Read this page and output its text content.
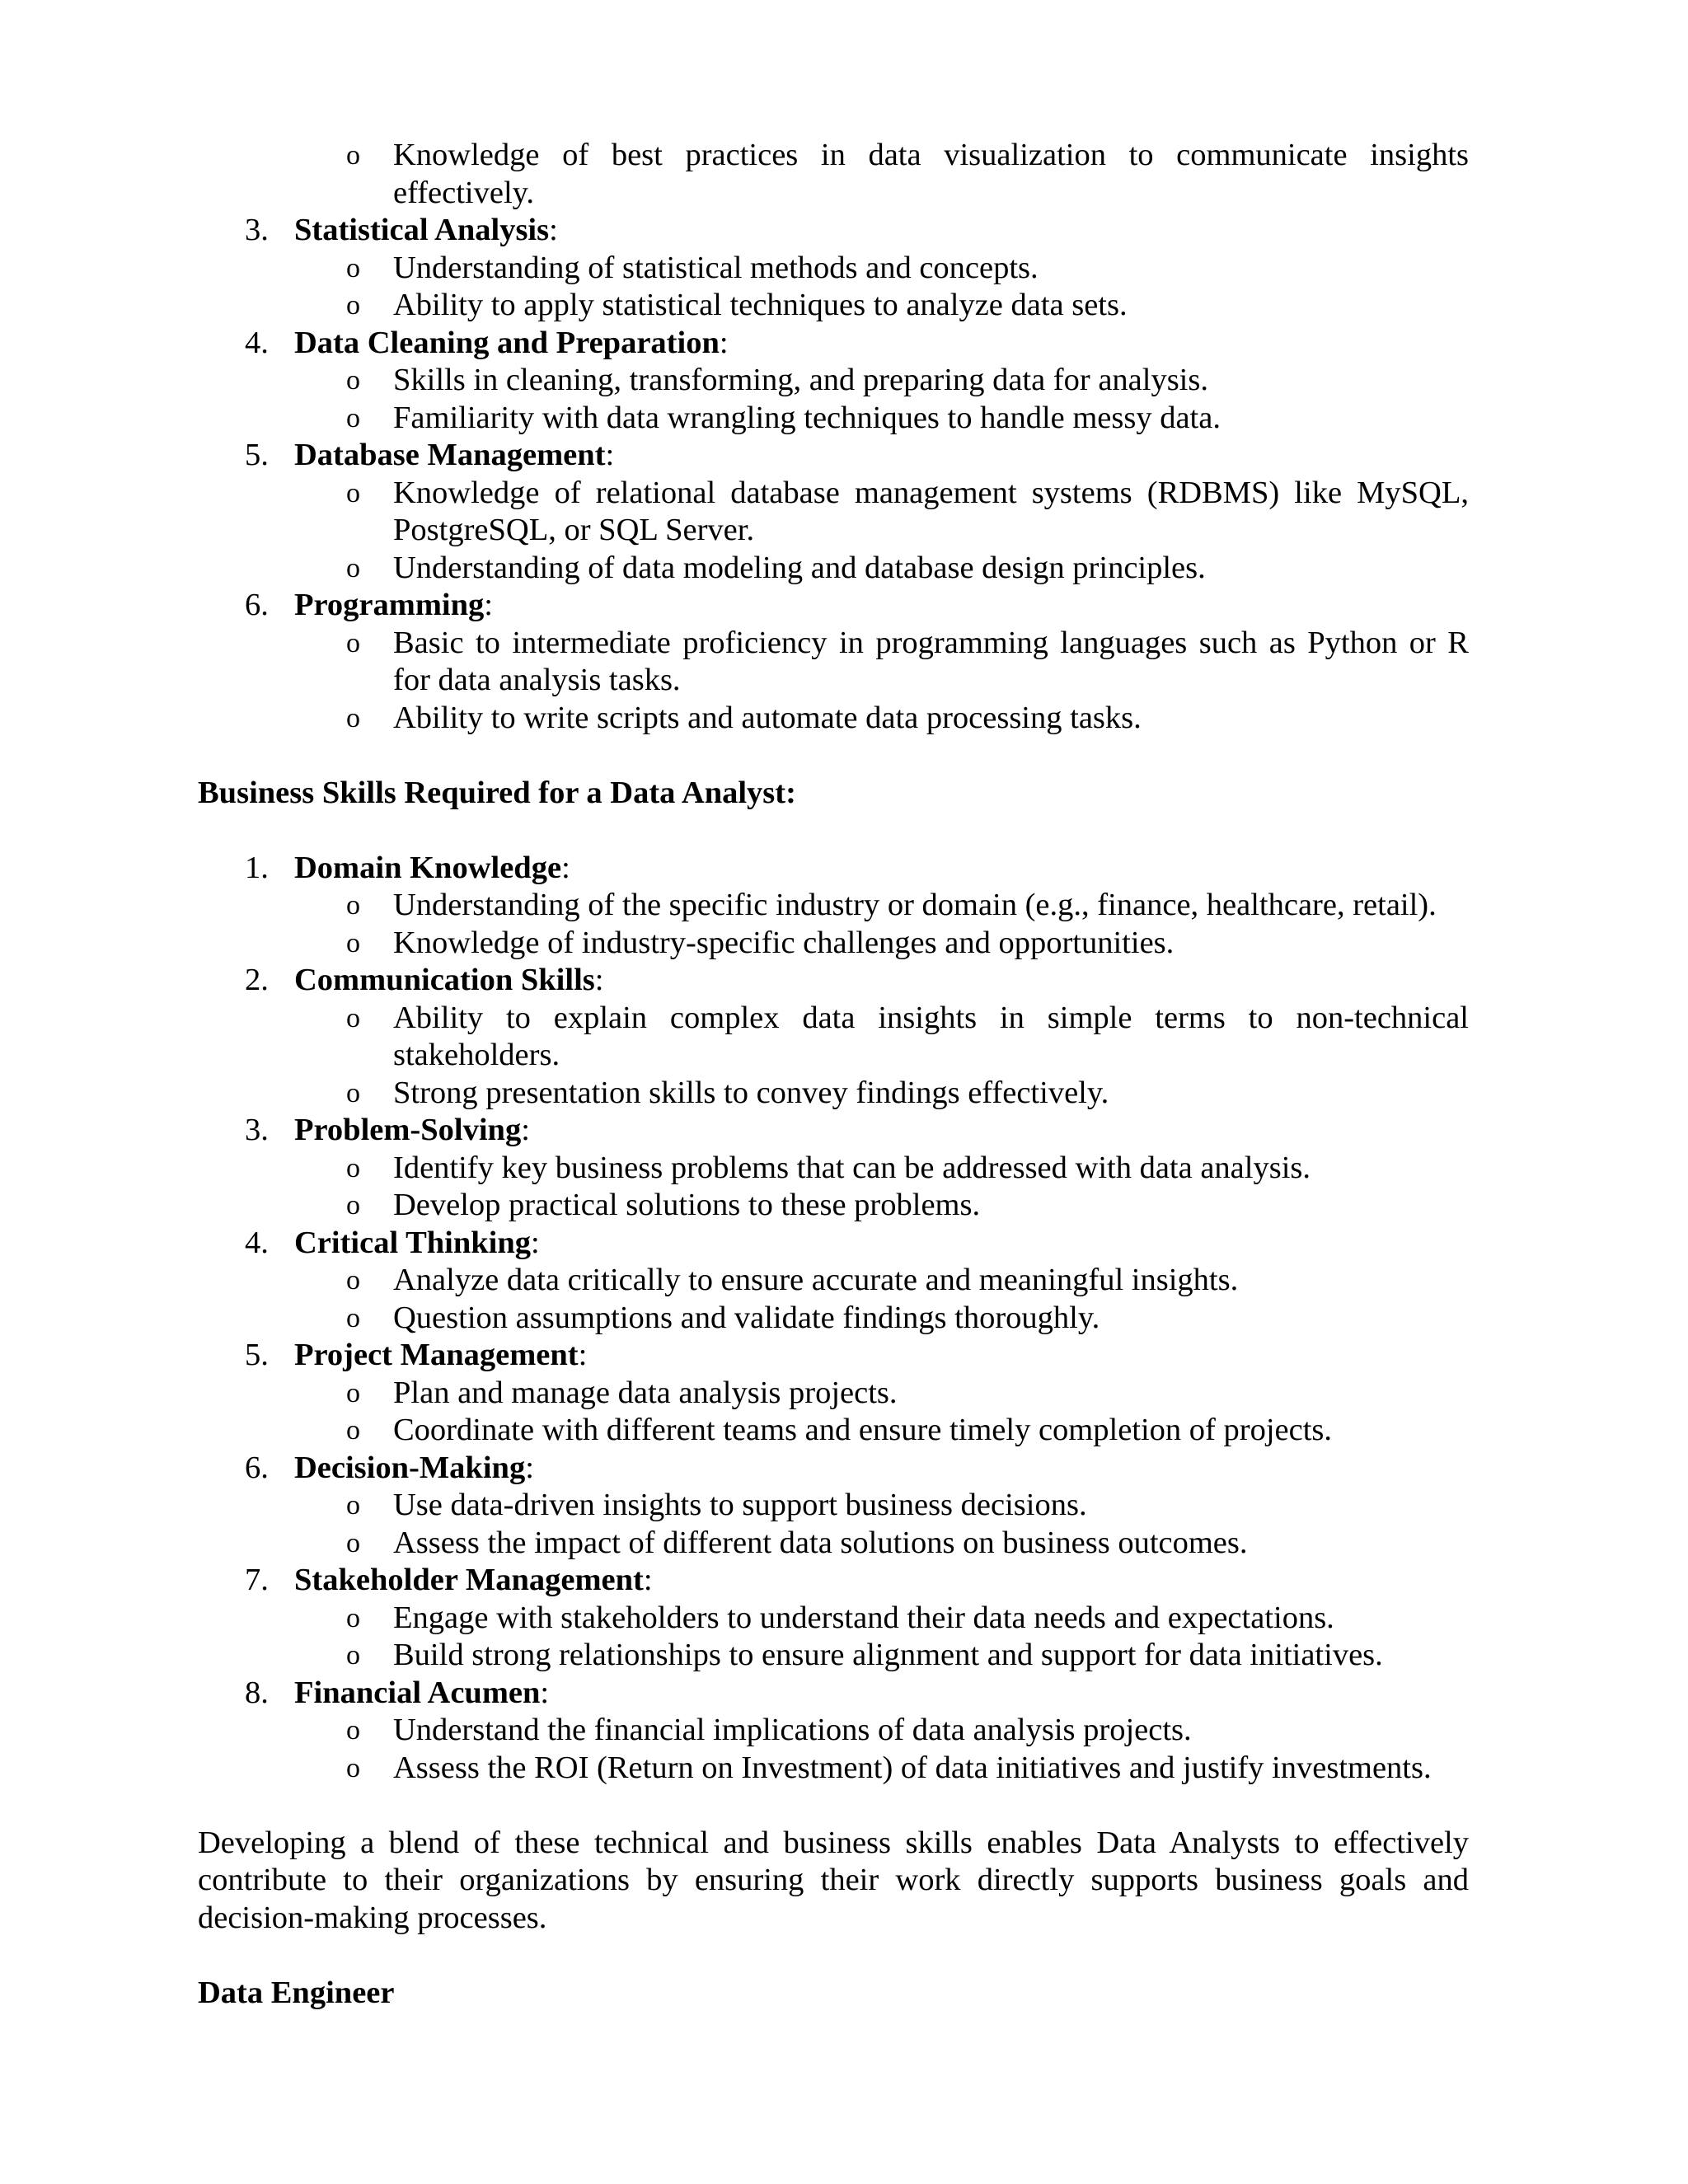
o Knowledge of best practices in data visualization to communicate insights effectively.
3. Statistical Analysis:
o Understanding of statistical methods and concepts.
o Ability to apply statistical techniques to analyze data sets.
4. Data Cleaning and Preparation:
o Skills in cleaning, transforming, and preparing data for analysis.
o Familiarity with data wrangling techniques to handle messy data.
5. Database Management:
o Knowledge of relational database management systems (RDBMS) like MySQL, PostgreSQL, or SQL Server.
o Understanding of data modeling and database design principles.
6. Programming:
o Basic to intermediate proficiency in programming languages such as Python or R for data analysis tasks.
o Ability to write scripts and automate data processing tasks.

Business Skills Required for a Data Analyst:

1. Domain Knowledge:
o Understanding of the specific industry or domain (e.g., finance, healthcare, retail).
o Knowledge of industry-specific challenges and opportunities.
2. Communication Skills:
o Ability to explain complex data insights in simple terms to non-technical stakeholders.
o Strong presentation skills to convey findings effectively.
3. Problem-Solving:
o Identify key business problems that can be addressed with data analysis.
o Develop practical solutions to these problems.
4. Critical Thinking:
o Analyze data critically to ensure accurate and meaningful insights.
o Question assumptions and validate findings thoroughly.
5. Project Management:
o Plan and manage data analysis projects.
o Coordinate with different teams and ensure timely completion of projects.
6. Decision-Making:
o Use data-driven insights to support business decisions.
o Assess the impact of different data solutions on business outcomes.
7. Stakeholder Management:
o Engage with stakeholders to understand their data needs and expectations.
o Build strong relationships to ensure alignment and support for data initiatives.
8. Financial Acumen:
o Understand the financial implications of data analysis projects.
o Assess the ROI (Return on Investment) of data initiatives and justify investments.

Developing a blend of these technical and business skills enables Data Analysts to effectively contribute to their organizations by ensuring their work directly supports business goals and decision-making processes.

Data Engineer
